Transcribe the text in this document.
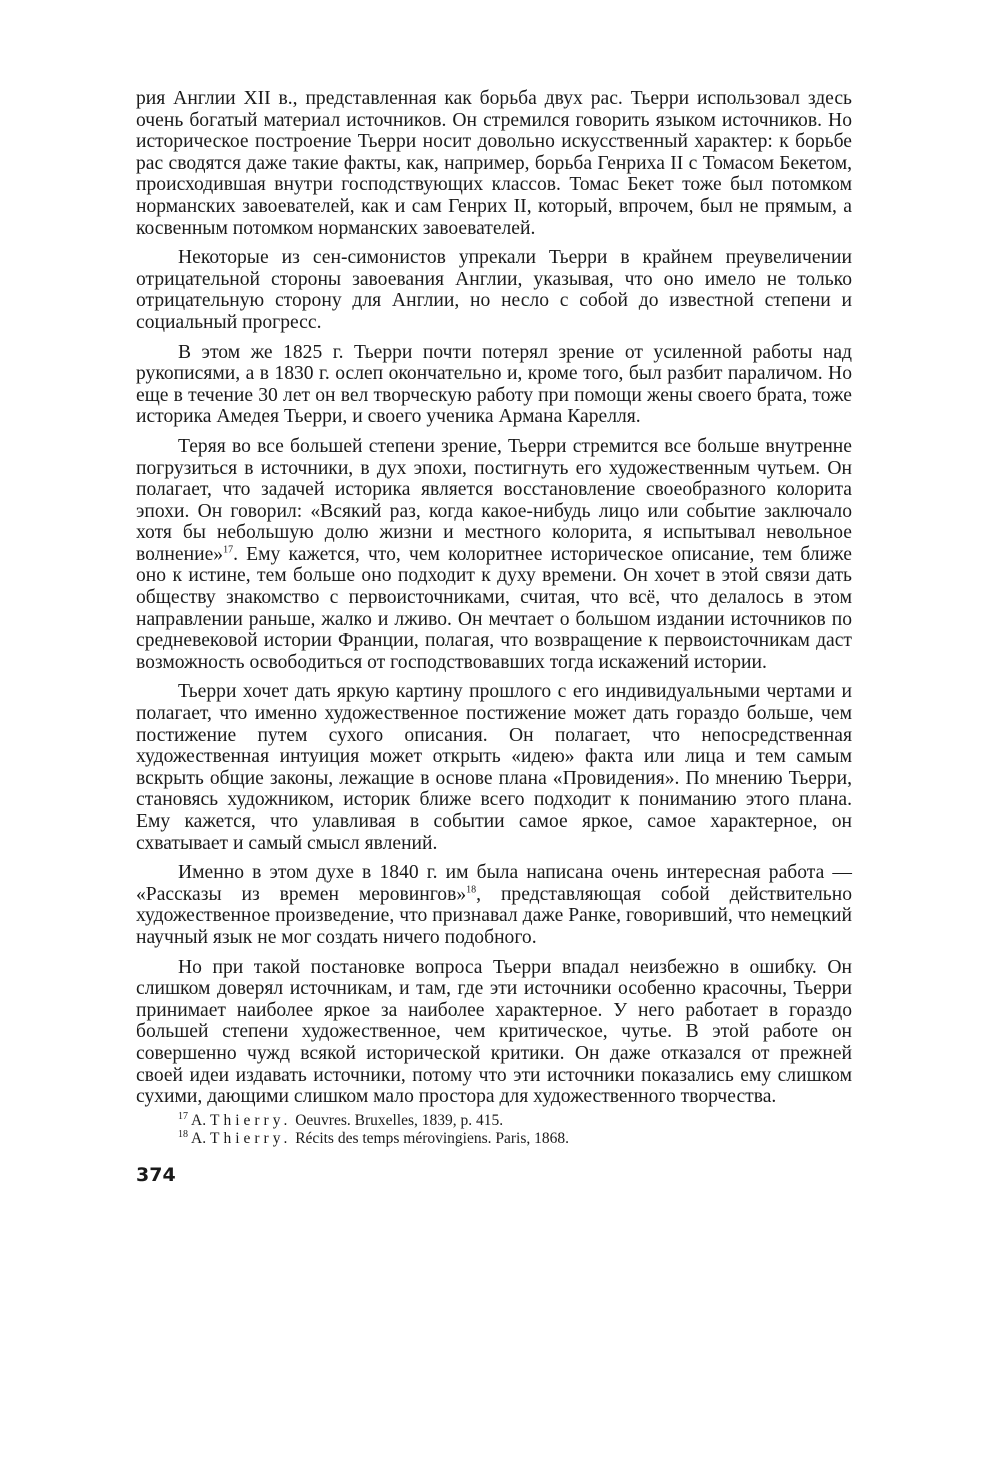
рия Англии XII в., представленная как борьба двух рас. Тьерри использовал здесь очень богатый материал источников. Он стремился говорить языком источников. Но историческое построение Тьерри носит довольно искусственный характер: к борьбе рас сводятся даже такие факты, как, например, борьба Генриха II с Томасом Бекетом, происходившая внутри господствующих классов. Томас Бекет тоже был потомком норманских завоевателей, как и сам Генрих II, который, впрочем, был не прямым, а косвенным потомком норманских завоевателей.

Некоторые из сен-симонистов упрекали Тьерри в крайнем преувеличении отрицательной стороны завоевания Англии, указывая, что оно имело не только отрицательную сторону для Англии, но несло с собой до известной степени и социальный прогресс.

В этом же 1825 г. Тьерри почти потерял зрение от усиленной работы над рукописями, а в 1830 г. ослеп окончательно и, кроме того, был разбит параличом. Но еще в течение 30 лет он вел творческую работу при помощи жены своего брата, тоже историка Амедея Тьерри, и своего ученика Армана Карелля.

Теряя во все большей степени зрение, Тьерри стремится все больше внутренне погрузиться в источники, в дух эпохи, постигнуть его художественным чутьем. Он полагает, что задачей историка является восстановление своеобразного колорита эпохи. Он говорил: «Всякий раз, когда какое-нибудь лицо или событие заключало хотя бы небольшую долю жизни и местного колорита, я испытывал невольное волнение»$^{17}$. Ему кажется, что, чем колоритнее историческое описание, тем ближе оно к истине, тем больше оно подходит к духу времени. Он хочет в этой связи дать обществу знакомство с первоисточниками, считая, что всё, что делалось в этом направлении раньше, жалко и лживо. Он мечтает о большом издании источников по средневековой истории Франции, полагая, что возвращение к первоисточникам даст возможность освободиться от господствовавших тогда искажений истории.

Тьерри хочет дать яркую картину прошлого с его индивидуальными чертами и полагает, что именно художественное постижение может дать гораздо больше, чем постижение путем сухого описания. Он полагает, что непосредственная художественная интуиция может открыть «идею» факта или лица и тем самым вскрыть общие законы, лежащие в основе плана «Провидения». По мнению Тьерри, становясь художником, историк ближе всего подходит к пониманию этого плана. Ему кажется, что улавливая в событии самое яркое, самое характерное, он схватывает и самый смысл явлений.

Именно в этом духе в 1840 г. им была написана очень интересная работа — «Рассказы из времен меровингов»$^{18}$, представляющая собой действительно художественное произведение, что признавал даже Ранке, говоривший, что немецкий научный язык не мог создать ничего подобного.

Но при такой постановке вопроса Тьерри впадал неизбежно в ошибку. Он слишком доверял источникам, и там, где эти источники особенно красочны, Тьерри принимает наиболее яркое за наиболее характерное. У него работает в гораздо большей степени художественное, чем критическое, чутье. В этой работе он совершенно чужд всякой исторической критики. Он даже отказался от прежней своей идеи издавать источники, потому что эти источники показались ему слишком сухими, дающими слишком мало простора для художественного творчества.

$^{17}$ A. Thierry. Oeuvres. Bruxelles, 1839, p. 415.

$^{18}$ A. Thierry. Récits des temps mérovingiens. Paris, 1868.

374
